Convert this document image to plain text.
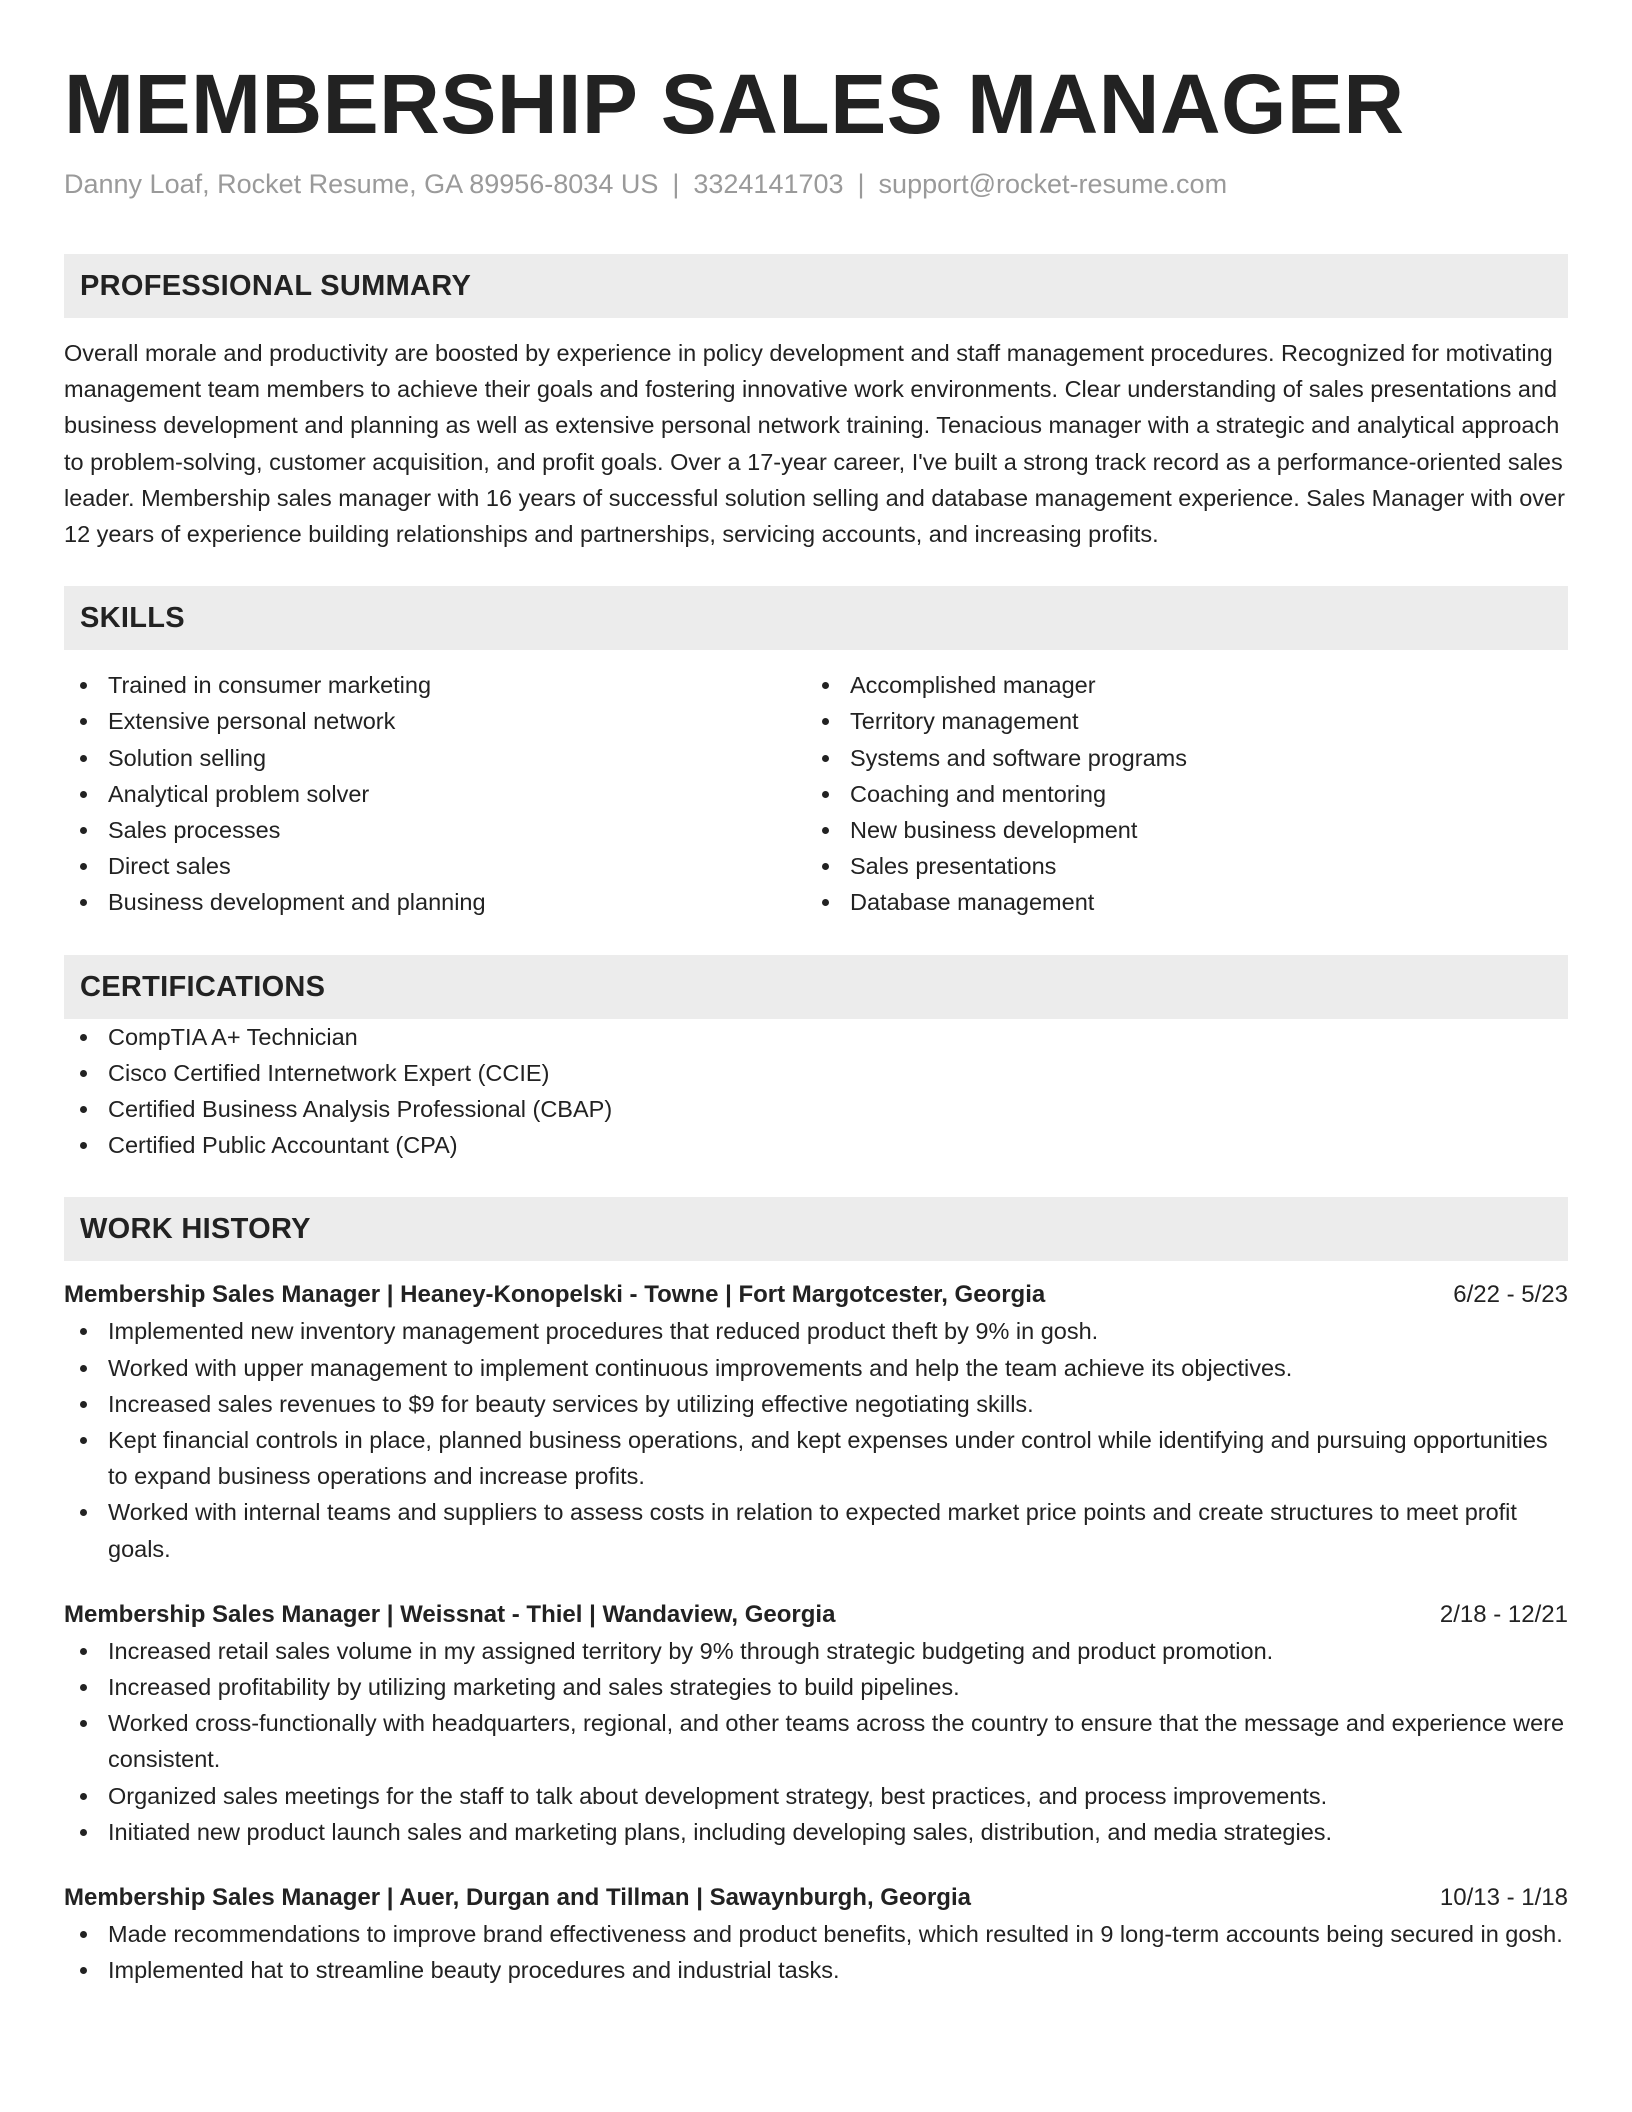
MEMBERSHIP SALES MANAGER
Danny Loaf, Rocket Resume, GA 89956-8034 US | 3324141703 | support@rocket-resume.com
PROFESSIONAL SUMMARY
Overall morale and productivity are boosted by experience in policy development and staff management procedures. Recognized for motivating management team members to achieve their goals and fostering innovative work environments. Clear understanding of sales presentations and business development and planning as well as extensive personal network training. Tenacious manager with a strategic and analytical approach to problem-solving, customer acquisition, and profit goals. Over a 17-year career, I've built a strong track record as a performance-oriented sales leader. Membership sales manager with 16 years of successful solution selling and database management experience. Sales Manager with over 12 years of experience building relationships and partnerships, servicing accounts, and increasing profits.
SKILLS
Trained in consumer marketing
Extensive personal network
Solution selling
Analytical problem solver
Sales processes
Direct sales
Business development and planning
Accomplished manager
Territory management
Systems and software programs
Coaching and mentoring
New business development
Sales presentations
Database management
CERTIFICATIONS
CompTIA A+ Technician
Cisco Certified Internetwork Expert (CCIE)
Certified Business Analysis Professional (CBAP)
Certified Public Accountant (CPA)
WORK HISTORY
Membership Sales Manager | Heaney-Konopelski - Towne | Fort Margotcester, Georgia	6/22 - 5/23
Implemented new inventory management procedures that reduced product theft by 9% in gosh.
Worked with upper management to implement continuous improvements and help the team achieve its objectives.
Increased sales revenues to $9 for beauty services by utilizing effective negotiating skills.
Kept financial controls in place, planned business operations, and kept expenses under control while identifying and pursuing opportunities to expand business operations and increase profits.
Worked with internal teams and suppliers to assess costs in relation to expected market price points and create structures to meet profit goals.
Membership Sales Manager | Weissnat - Thiel | Wandaview, Georgia	2/18 - 12/21
Increased retail sales volume in my assigned territory by 9% through strategic budgeting and product promotion.
Increased profitability by utilizing marketing and sales strategies to build pipelines.
Worked cross-functionally with headquarters, regional, and other teams across the country to ensure that the message and experience were consistent.
Organized sales meetings for the staff to talk about development strategy, best practices, and process improvements.
Initiated new product launch sales and marketing plans, including developing sales, distribution, and media strategies.
Membership Sales Manager | Auer, Durgan and Tillman | Sawaynburgh, Georgia	10/13 - 1/18
Made recommendations to improve brand effectiveness and product benefits, which resulted in 9 long-term accounts being secured in gosh.
Implemented hat to streamline beauty procedures and industrial tasks.
